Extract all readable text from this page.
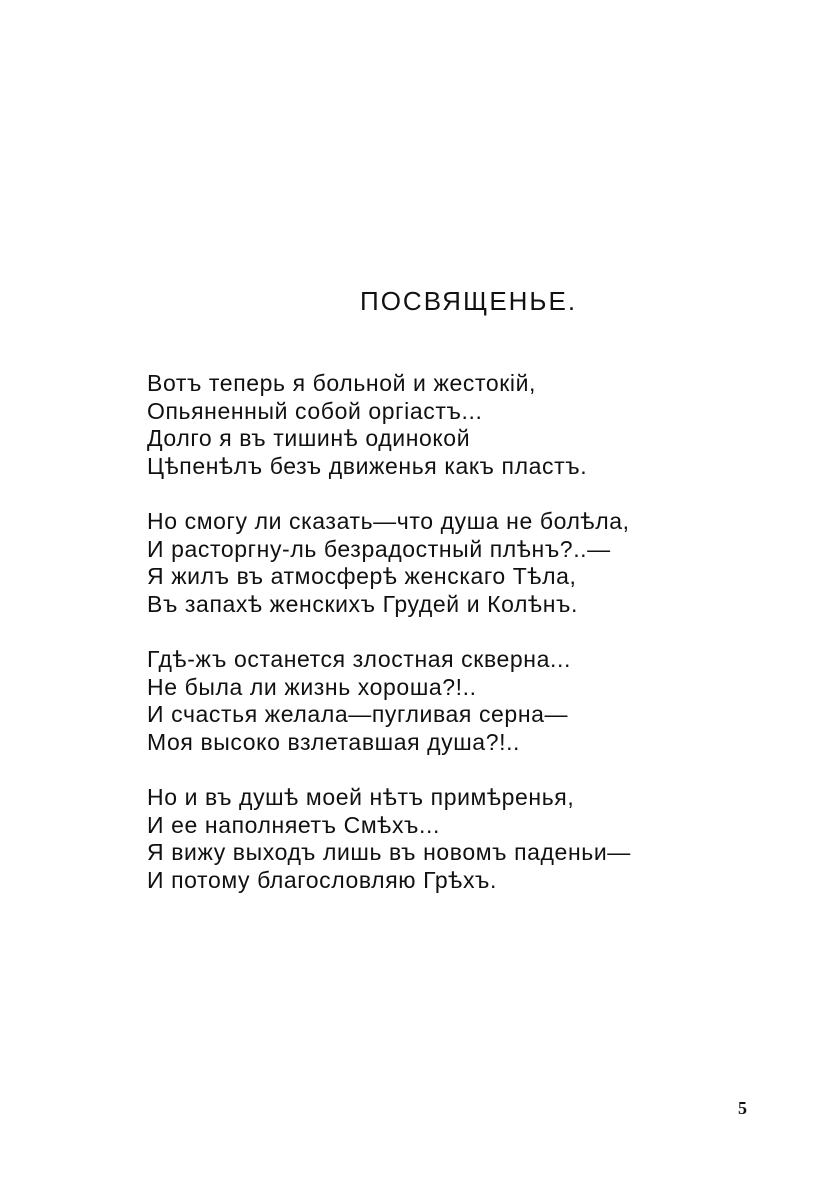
ПОСВЯЩЕНЬЕ.
Вотъ теперь я больной и жестокій,
Опьяненный собой оргіастъ...
Долго я въ тишинѣ одинокой
Цѣпенѣлъ безъ движенья какъ пластъ.
Но смогу ли сказать—что душа не болѣла,
И расторгну-ль безрадостный плѣнъ?..—
Я жилъ въ атмосферѣ женскаго Тѣла,
Въ запахѣ женскихъ Грудей и Колѣнъ.
Гдѣ-жъ останется злостная скверна...
Не была ли жизнь хороша?!..
И счастья желала—пугливая серна—
Моя высоко взлетавшая душа?!..
Но и въ душѣ моей нѣтъ примѣренья,
И ее наполняетъ Смѣхъ...
Я вижу выходъ лишь въ новомъ паденьи—
И потому благословляю Грѣхъ.
5
